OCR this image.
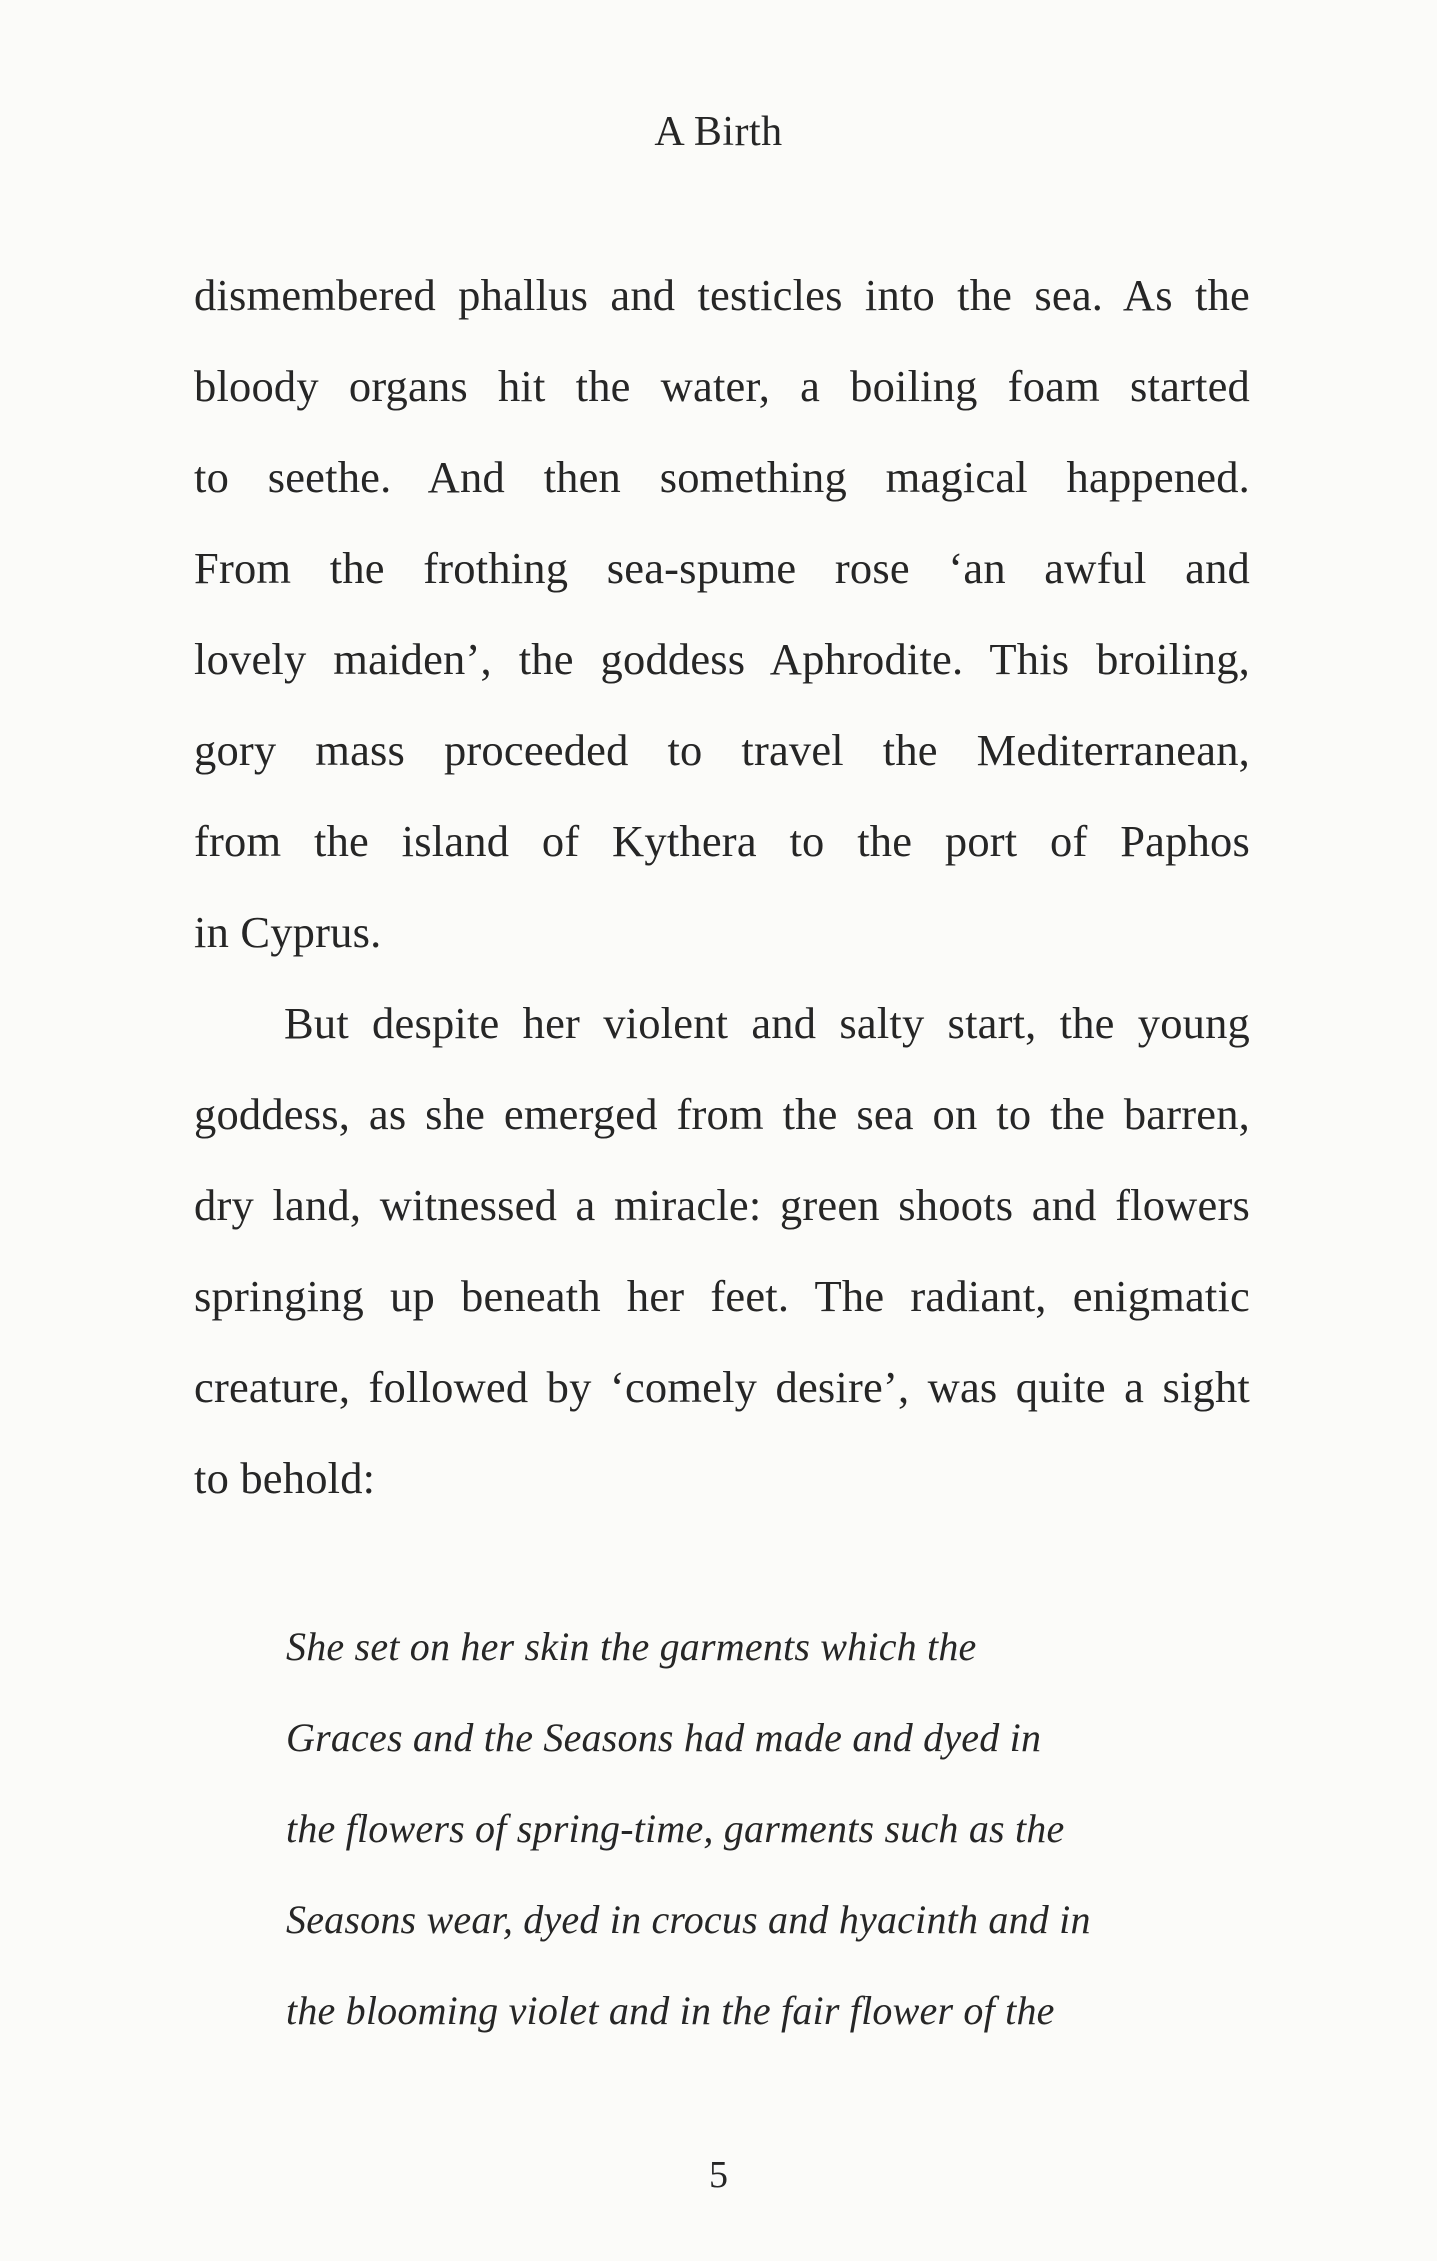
A Birth
dismembered phallus and testicles into the sea. As the
bloody organs hit the water, a boiling foam started
to seethe. And then something magical happened.
From the frothing sea-spume rose ‘an awful and
lovely maiden’, the goddess Aphrodite. This broiling,
gory mass proceeded to travel the Mediterranean,
from the island of Kythera to the port of Paphos
in Cyprus.
But despite her violent and salty start, the young
goddess, as she emerged from the sea on to the barren,
dry land, witnessed a miracle: green shoots and flowers
springing up beneath her feet. The radiant, enigmatic
creature, followed by ‘comely desire’, was quite a sight
to behold:
She set on her skin the garments which the
Graces and the Seasons had made and dyed in
the flowers of spring-time, garments such as the
Seasons wear, dyed in crocus and hyacinth and in
the blooming violet and in the fair flower of the
5
